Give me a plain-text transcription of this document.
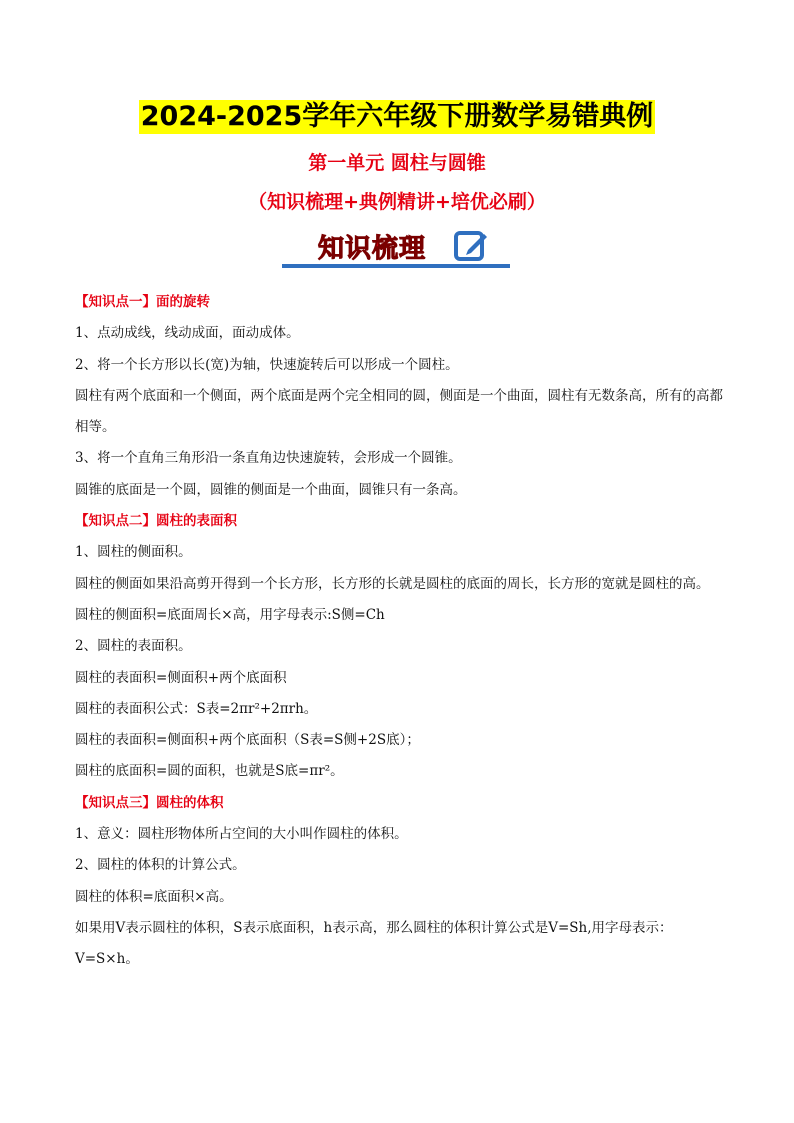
2024-2025学年六年级下册数学易错典例
第一单元 圆柱与圆锥
（知识梳理+典例精讲+培优必刷）
知识梳理
【知识点一】面的旋转
1、点动成线，线动成面，面动成体。
2、将一个长方形以长(宽)为轴，快速旋转后可以形成一个圆柱。
圆柱有两个底面和一个侧面，两个底面是两个完全相同的圆，侧面是一个曲面，圆柱有无数条高，所有的高都相等。
3、将一个直角三角形沿一条直角边快速旋转，会形成一个圆锥。
圆锥的底面是一个圆，圆锥的侧面是一个曲面，圆锥只有一条高。
【知识点二】圆柱的表面积
1、圆柱的侧面积。
圆柱的侧面如果沿高剪开得到一个长方形，长方形的长就是圆柱的底面的周长，长方形的宽就是圆柱的高。
圆柱的侧面积=底面周长×高，用字母表示:S侧=Ch
2、圆柱的表面积。
圆柱的表面积=侧面积+两个底面积
圆柱的表面积公式：S表=2πr²+2πrh。
圆柱的表面积=侧面积+两个底面积（S表=S侧+2S底）；
圆柱的底面积=圆的面积，也就是S底=πr²。
【知识点三】圆柱的体积
1、意义：圆柱形物体所占空间的大小叫作圆柱的体积。
2、圆柱的体积的计算公式。
圆柱的体积=底面积×高。
如果用V表示圆柱的体积，S表示底面积，h表示高，那么圆柱的体积计算公式是V=Sh,用字母表示：V=S×h。
